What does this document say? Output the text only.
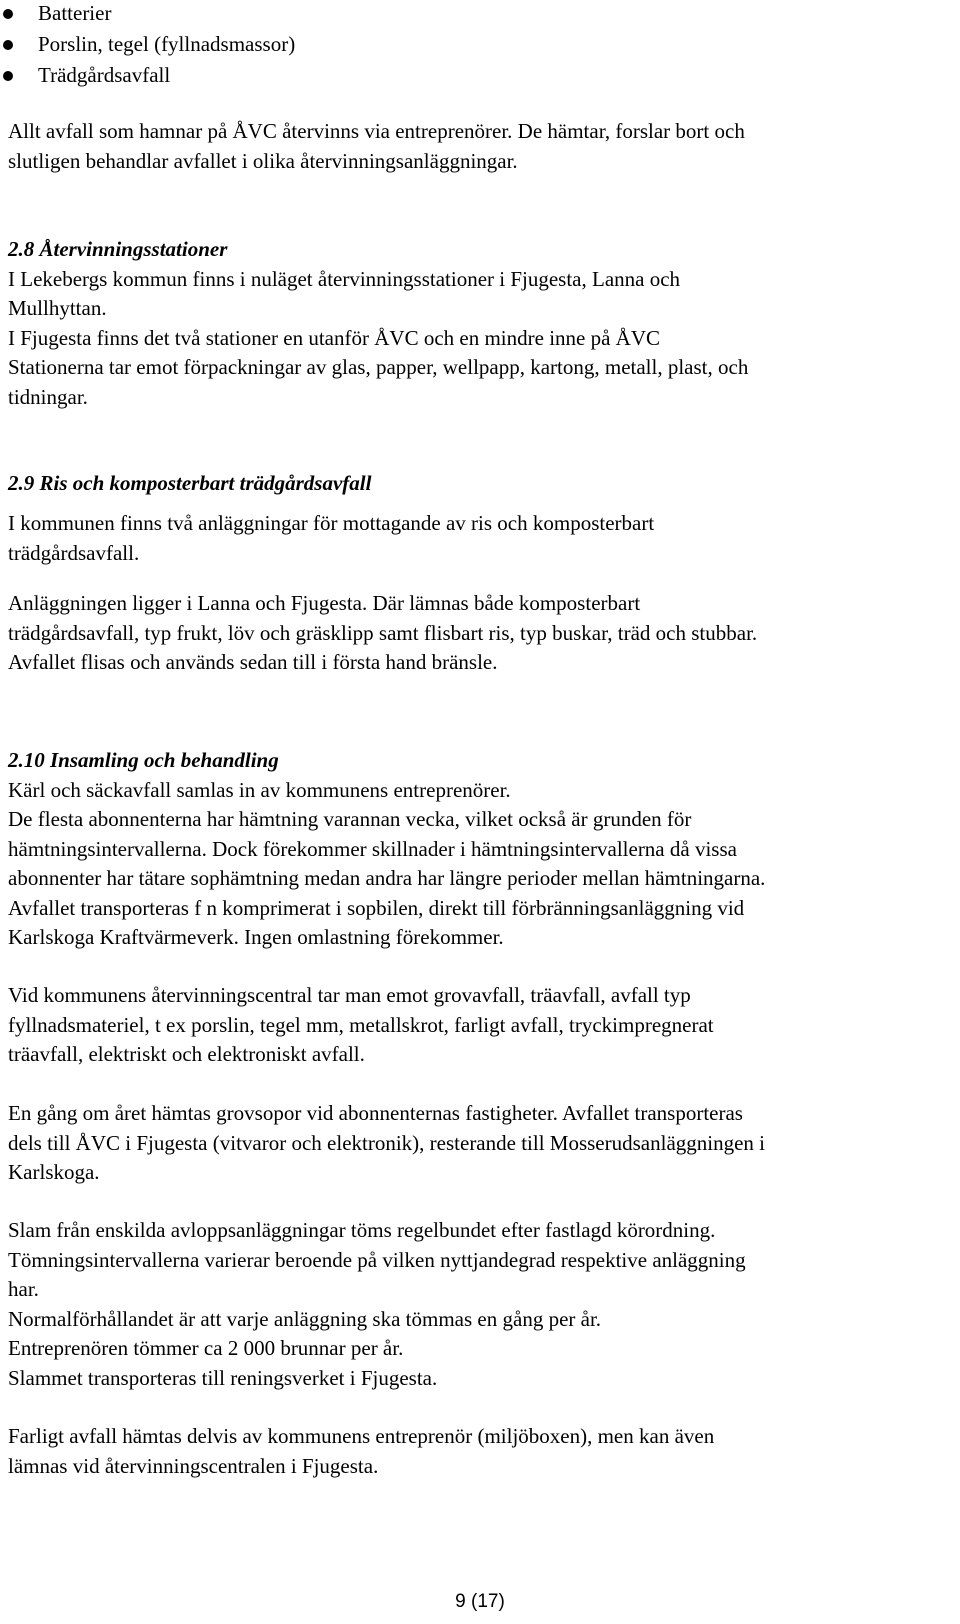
Batterier
Porslin, tegel (fyllnadsmassor)
Trädgårdsavfall

Allt avfall som hamnar på ÅVC återvinns via entreprenörer. De hämtar, forslar bort och
slutligen behandlar avfallet i olika återvinningsanläggningar.

2.8 Återvinningsstationer
I Lekebergs kommun finns i nuläget återvinningsstationer i Fjugesta, Lanna och
Mullhyttan.
I Fjugesta finns det två stationer en utanför ÅVC och en mindre inne på ÅVC
Stationerna tar emot förpackningar av glas, papper, wellpapp, kartong, metall, plast, och
tidningar.

2.9 Ris och komposterbart trädgårdsavfall

I kommunen finns två anläggningar för mottagande av ris och komposterbart
trädgårdsavfall.

Anläggningen ligger i Lanna och Fjugesta. Där lämnas både komposterbart
trädgårdsavfall, typ frukt, löv och gräsklipp samt flisbart ris, typ buskar, träd och stubbar.
Avfallet flisas och används sedan till i första hand bränsle.

2.10 Insamling och behandling
Kärl och säckavfall samlas in av kommunens entreprenörer.
De flesta abonnenterna har hämtning varannan vecka, vilket också är grunden för
hämtningsintervallerna. Dock förekommer skillnader i hämtningsintervallerna då vissa
abonnenter har tätare sophämtning medan andra har längre perioder mellan hämtningarna.
Avfallet transporteras f n komprimerat i sopbilen, direkt till förbränningsanläggning vid
Karlskoga Kraftvärmeverk. Ingen omlastning förekommer.

Vid kommunens återvinningscentral tar man emot grovavfall, träavfall, avfall typ
fyllnadsmateriel, t ex porslin, tegel mm, metallskrot, farligt avfall, tryckimpregnerat
träavfall, elektriskt och elektroniskt avfall.

En gång om året hämtas grovsopor vid abonnenternas fastigheter. Avfallet transporteras
dels till ÅVC i Fjugesta (vitvaror och elektronik), resterande till Mosserudsanläggningen i
Karlskoga.

Slam från enskilda avloppsanläggningar töms regelbundet efter fastlagd körordning.
Tömningsintervallerna varierar beroende på vilken nyttjandegrad respektive anläggning
har.
Normalförhållandet är att varje anläggning ska tömmas en gång per år.
Entreprenören tömmer ca 2 000 brunnar per år.
Slammet transporteras till reningsverket i Fjugesta.

Farligt avfall hämtas delvis av kommunens entreprenör (miljöboxen), men kan även
lämnas vid återvinningscentralen i Fjugesta.

9 (17)
